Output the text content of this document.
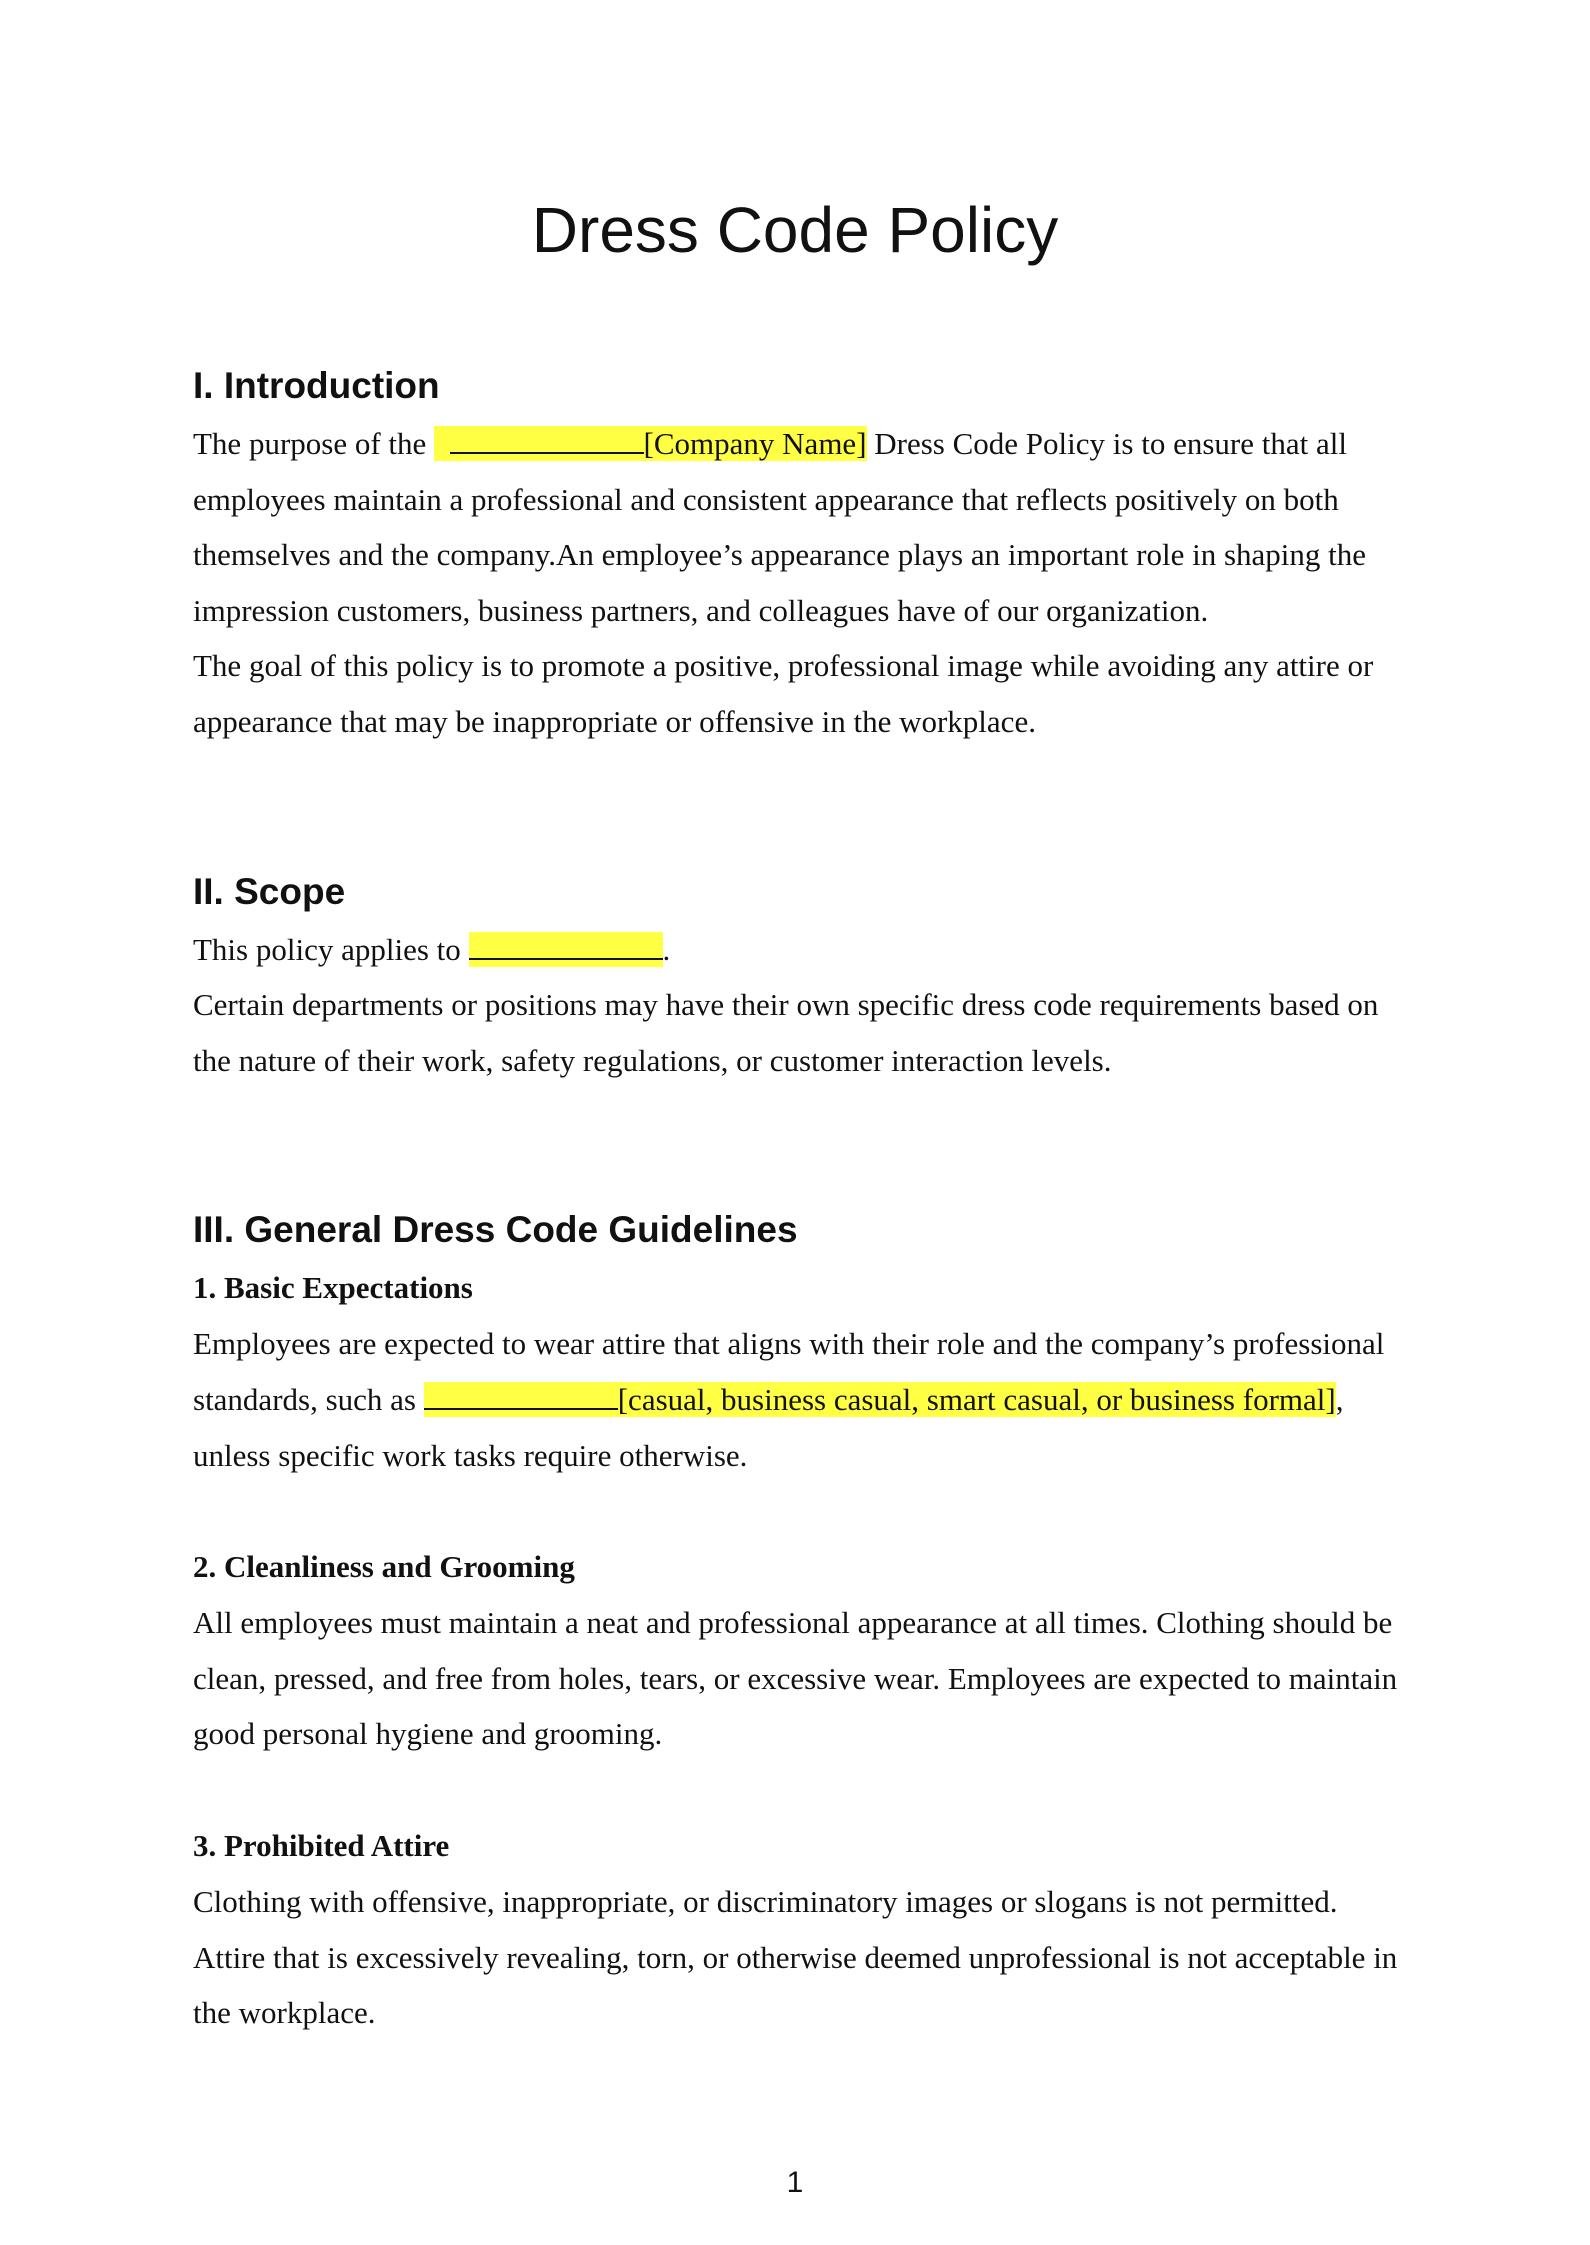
Dress Code Policy
I. Introduction

The purpose of the	[Company Name] Dress Code Policy is to ensure that all employees maintain a professional and consistent appearance that reflects positively on both themselves and the company.An employee’s appearance plays an important role in shaping the impression customers, business partners, and colleagues have of our organization.

The goal of this policy is to promote a positive, professional image while avoiding any attire or appearance that may be inappropriate or offensive in the workplace.

II. Scope

This policy applies to	.

Certain departments or positions may have their own specific dress code requirements based on the nature of their work, safety regulations, or customer interaction levels.

III. General Dress Code Guidelines
1. Basic Expectations

Employees are expected to wear attire that aligns with their role and the company’s professional standards, such as	[casual, business casual, smart casual, or business formal], unless specific work tasks require otherwise.

2. Cleanliness and Grooming

All employees must maintain a neat and professional appearance at all times. Clothing should be clean, pressed, and free from holes, tears, or excessive wear. Employees are expected to maintain good personal hygiene and grooming.

3. Prohibited Attire

Clothing with offensive, inappropriate, or discriminatory images or slogans is not permitted.

Attire that is excessively revealing, torn, or otherwise deemed unprofessional is not acceptable in the workplace.

1
